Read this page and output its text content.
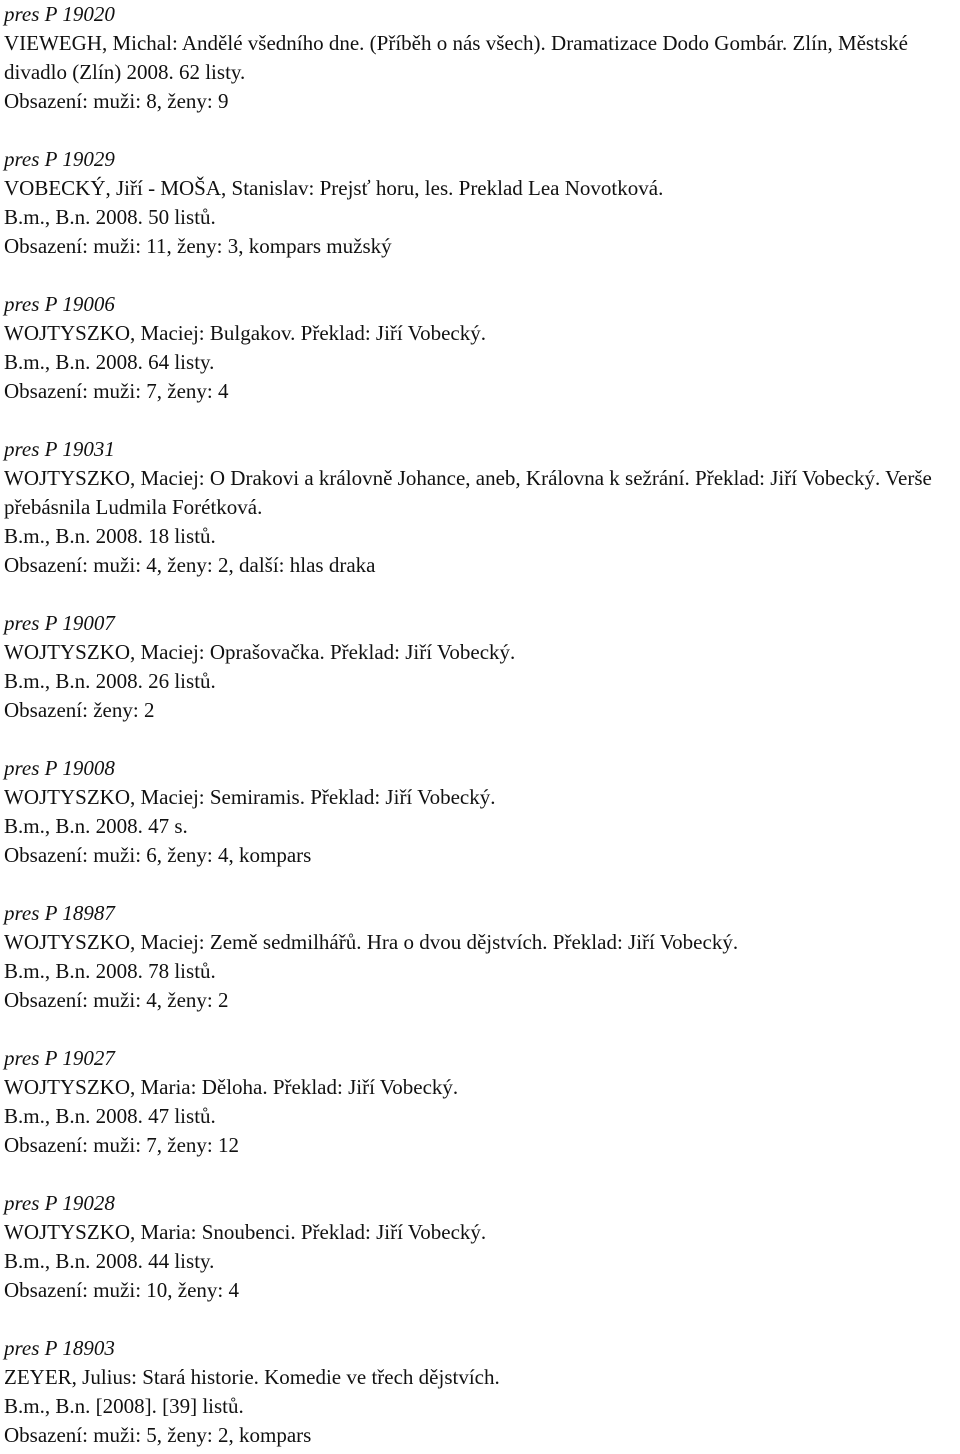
pres P 19020
VIEWEGH, Michal: Andělé všedního dne. (Příběh o nás všech). Dramatizace Dodo Gombár. Zlín, Městské divadlo (Zlín) 2008. 62 listy.
Obsazení: muži: 8, ženy: 9
pres P 19029
VOBECKÝ, Jiří - MOŠA, Stanislav: Prejsť horu, les. Preklad Lea Novotková.
B.m., B.n. 2008. 50 listů.
Obsazení: muži: 11, ženy: 3, kompars mužský
pres P 19006
WOJTYSZKO, Maciej: Bulgakov. Překlad: Jiří Vobecký.
B.m., B.n. 2008. 64 listy.
Obsazení: muži: 7, ženy: 4
pres P 19031
WOJTYSZKO, Maciej: O Drakovi a královně Johance, aneb, Královna k sežrání. Překlad: Jiří Vobecký. Verše přebásnila Ludmila Forétková.
B.m., B.n. 2008. 18 listů.
Obsazení: muži: 4, ženy: 2, další: hlas draka
pres P 19007
WOJTYSZKO, Maciej: Oprašovačka. Překlad: Jiří Vobecký.
B.m., B.n. 2008. 26 listů.
Obsazení: ženy: 2
pres P 19008
WOJTYSZKO, Maciej: Semiramis. Překlad: Jiří Vobecký.
B.m., B.n. 2008. 47 s.
Obsazení: muži: 6, ženy: 4, kompars
pres P 18987
WOJTYSZKO, Maciej: Země sedmilhářů. Hra o dvou dějstvích. Překlad: Jiří Vobecký.
B.m., B.n. 2008. 78 listů.
Obsazení: muži: 4, ženy: 2
pres P 19027
WOJTYSZKO, Maria: Děloha. Překlad: Jiří Vobecký.
B.m., B.n. 2008. 47 listů.
Obsazení: muži: 7, ženy: 12
pres P 19028
WOJTYSZKO, Maria: Snoubenci. Překlad: Jiří Vobecký.
B.m., B.n. 2008. 44 listy.
Obsazení: muži: 10, ženy: 4
pres P 18903
ZEYER, Julius: Stará historie. Komedie ve třech dějstvích.
B.m., B.n. [2008]. [39] listů.
Obsazení: muži: 5, ženy: 2, kompars
